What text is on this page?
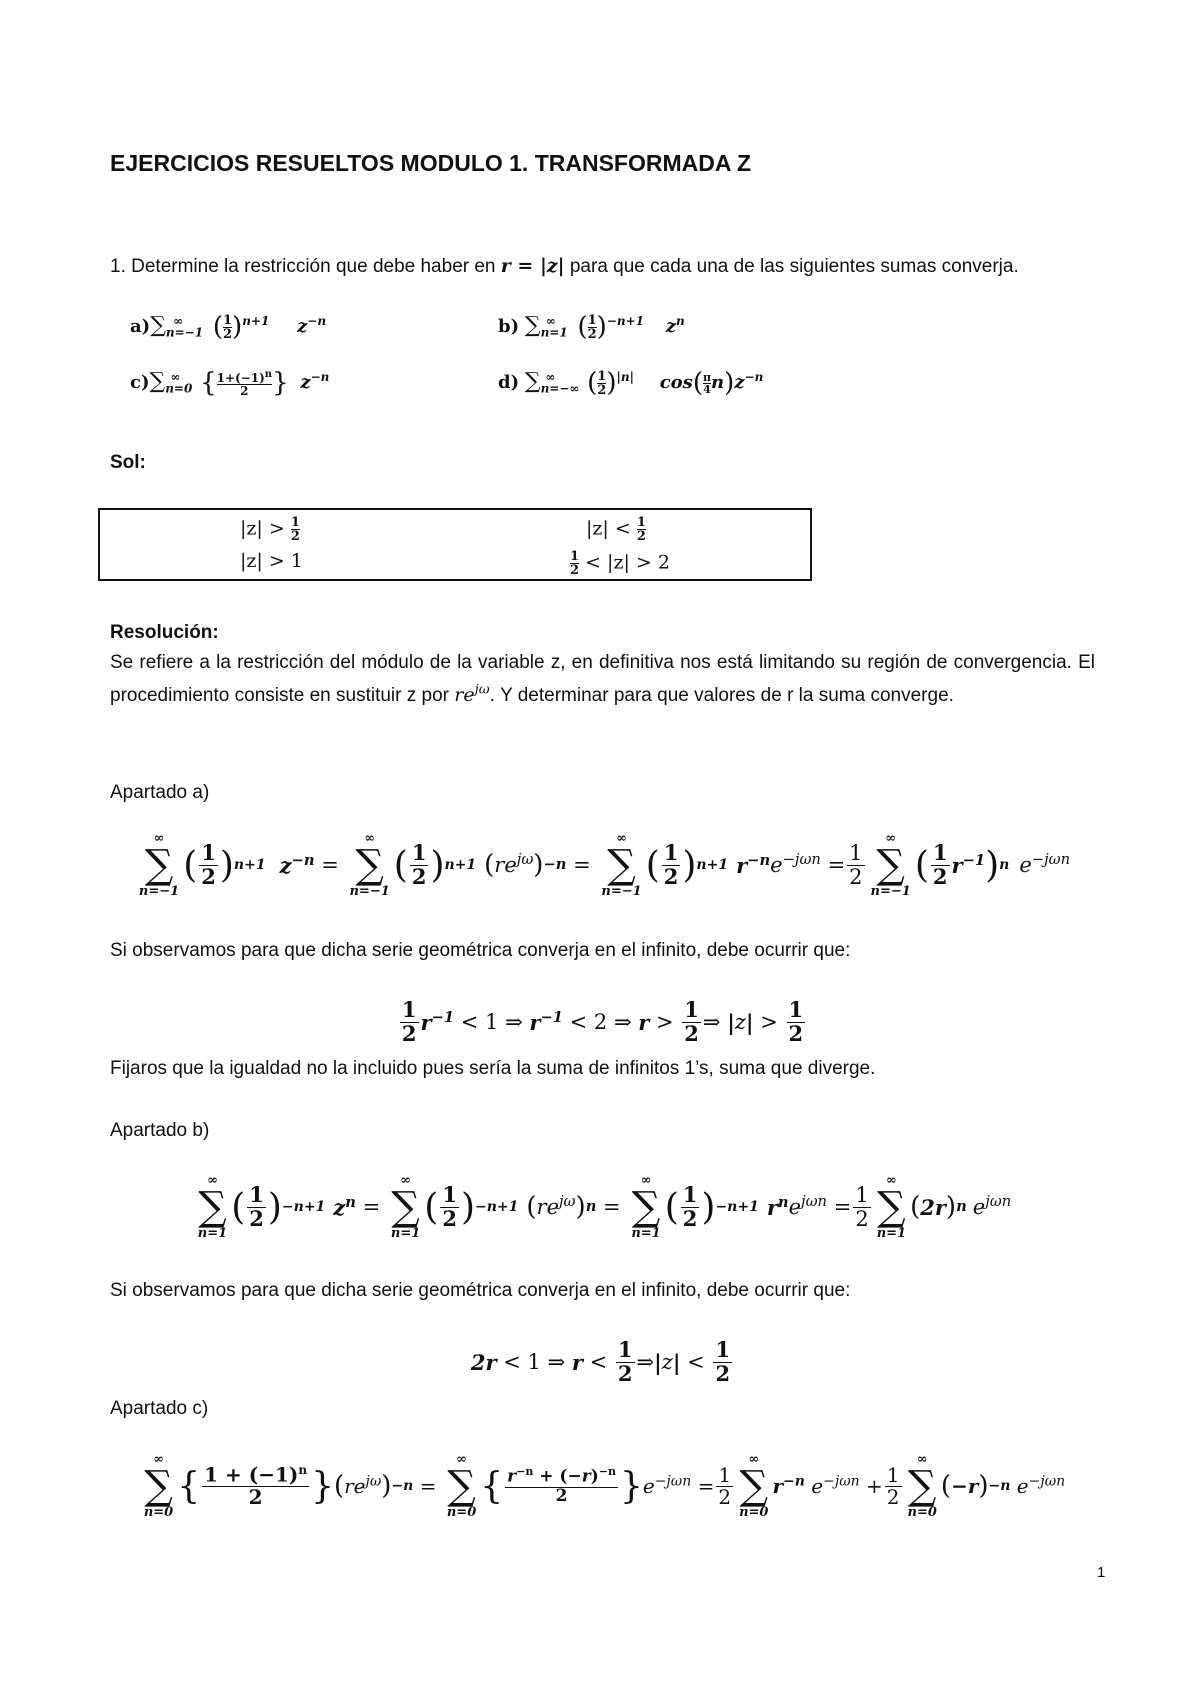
EJERCICIOS RESUELTOS MODULO 1. TRANSFORMADA Z
1. Determine la restricción que debe haber en r = |z| para que cada una de las siguientes sumas converja.
$a)\sum_{n=-1}^\infty$ ( $\frac{1}{2} )^{n+1}$ $z^{-n}$	b) $\sum_{n=1}^\infty$ ( $\frac{1}{2} )^{-n+1}$ $z^n$
$c)\sum_{n=0}^\infty$ { $\frac{1+(-1)^n}{2}$ } $z^{-n}$	d) $\sum_{n=-\infty}^\infty$ ( $\frac{1}{2} )^{|n|}$ $\cos( \frac{\pi}{4} n)z^{-n}$
Sol:
$|z| > \frac{1}{2}$	$|z| < \frac{1}{2}$
|z| > 1	$\frac{1}{2} < |z| > 2$
Resolución:
Se refiere a la restricción del módulo de la variable z, en definitiva nos está limitando su región de convergencia. El procedimiento consiste en sustituir z por $re^{j\omega}$. Y determinar para que valores de r la suma converge.
Apartado a)
∞
∑
n=−1
( $\frac{1}{2}$ ) n+1 $z^{-n}$ =
∞
∑
n=−1
( $\frac{1}{2}$ ) n+1 ( $re^{j\omega}$ ) −n =
∞
∑
n=−1
( $\frac{1}{2}$ ) n+1 $r^{-n}$ $e^{-j\omega n} = \frac{1}{2}$
∞
∑
n=−1
( $\frac{1}{2} r^{-1}$ ) n $e^{-j\omega n}$
Si observamos para que dicha serie geométrica converja en el infinito, debe ocurrir que:
$\frac{1}{2} r^{-1} < 1$ ⇒ $r^{-1} < 2$ ⇒ $r > \frac{1}{2}$ ⇒ | z | > $\frac{1}{2}$
Fijaros que la igualdad no la incluido pues sería la suma de infinitos 1’s, suma que diverge.
Apartado b)
∞
∑
n=1
( $\frac{1}{2}$ ) −n+1 $z^n$ =
∞
∑
n=1
( $\frac{1}{2}$ ) −n+1 ( $re^{j\omega}$ ) n =
∞
∑
n=1
( $\frac{1}{2}$ ) −n+1 $r^n$ $e^{j\omega n} = \frac{1}{2}$
∞
∑
n=1
( 2r ) n $e^{j\omega n}$
Si observamos para que dicha serie geométrica converja en el infinito, debe ocurrir que:
2r < 1 ⇒ $r < \frac{1}{2}$ ⇒ | z | < $\frac{1}{2}$
Apartado c)
∞
∑
n=0
{ $\frac{1 + (-1)^n}{2}$ } ( $re^{j\omega}$ ) −n =
∞
∑
n=0
{ $\frac{r^{-n} + (-r)^{-n}}{2}$ } $e^{-j\omega n} = \frac{1}{2}$
∞
∑
n=0
$r^{-n}$
$e^{-j\omega n} + \frac{1}{2}$
∞
∑
n=0
( −r ) −n
$e^{-j\omega n}$
1
